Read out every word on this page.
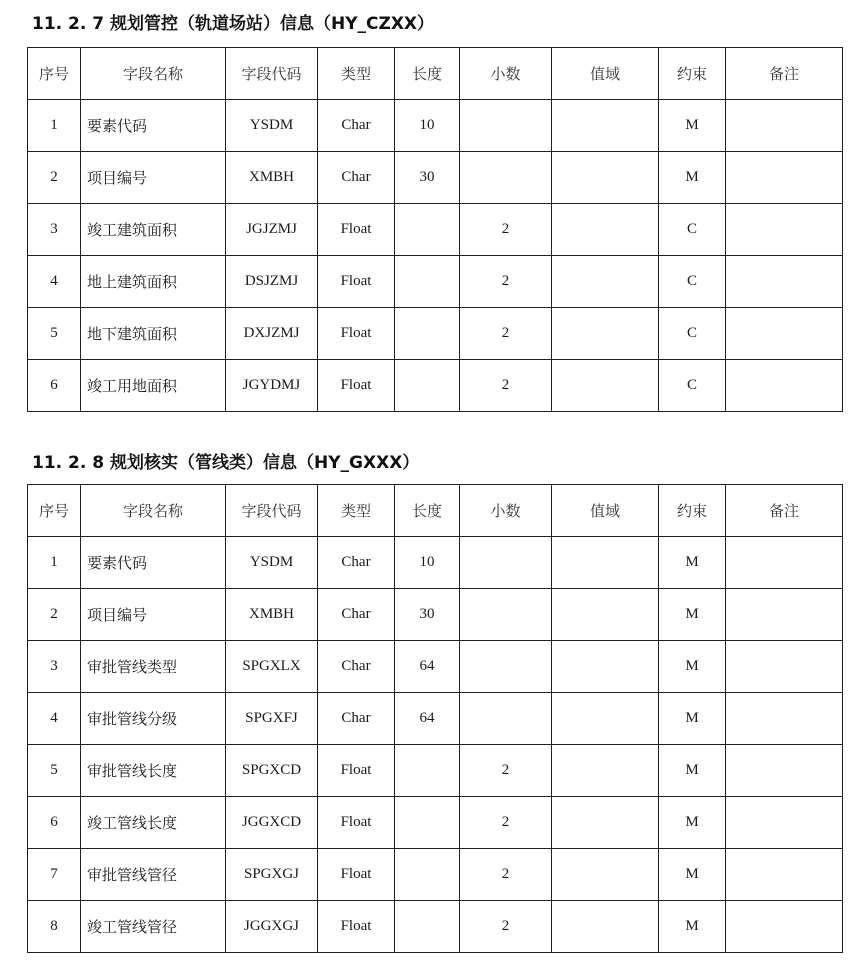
11. 2. 7 规划管控（轨道场站）信息（HY_CZXX）
序号	字段名称	字段代码	类型	长度	小数	值域	约束	备注
1	要素代码	YSDM	Char	10			M	
2	项目编号	XMBH	Char	30			M	
3	竣工建筑面积	JGJZMJ	Float		2		C	
4	地上建筑面积	DSJZMJ	Float		2		C	
5	地下建筑面积	DXJZMJ	Float		2		C	
6	竣工用地面积	JGYDMJ	Float		2		C	
11. 2. 8 规划核实（管线类）信息（HY_GXXX）
序号	字段名称	字段代码	类型	长度	小数	值域	约束	备注
1	要素代码	YSDM	Char	10			M	
2	项目编号	XMBH	Char	30			M	
3	审批管线类型	SPGXLX	Char	64			M	
4	审批管线分级	SPGXFJ	Char	64			M	
5	审批管线长度	SPGXCD	Float		2		M	
6	竣工管线长度	JGGXCD	Float		2		M	
7	审批管线管径	SPGXGJ	Float		2		M	
8	竣工管线管径	JGGXGJ	Float		2		M	
